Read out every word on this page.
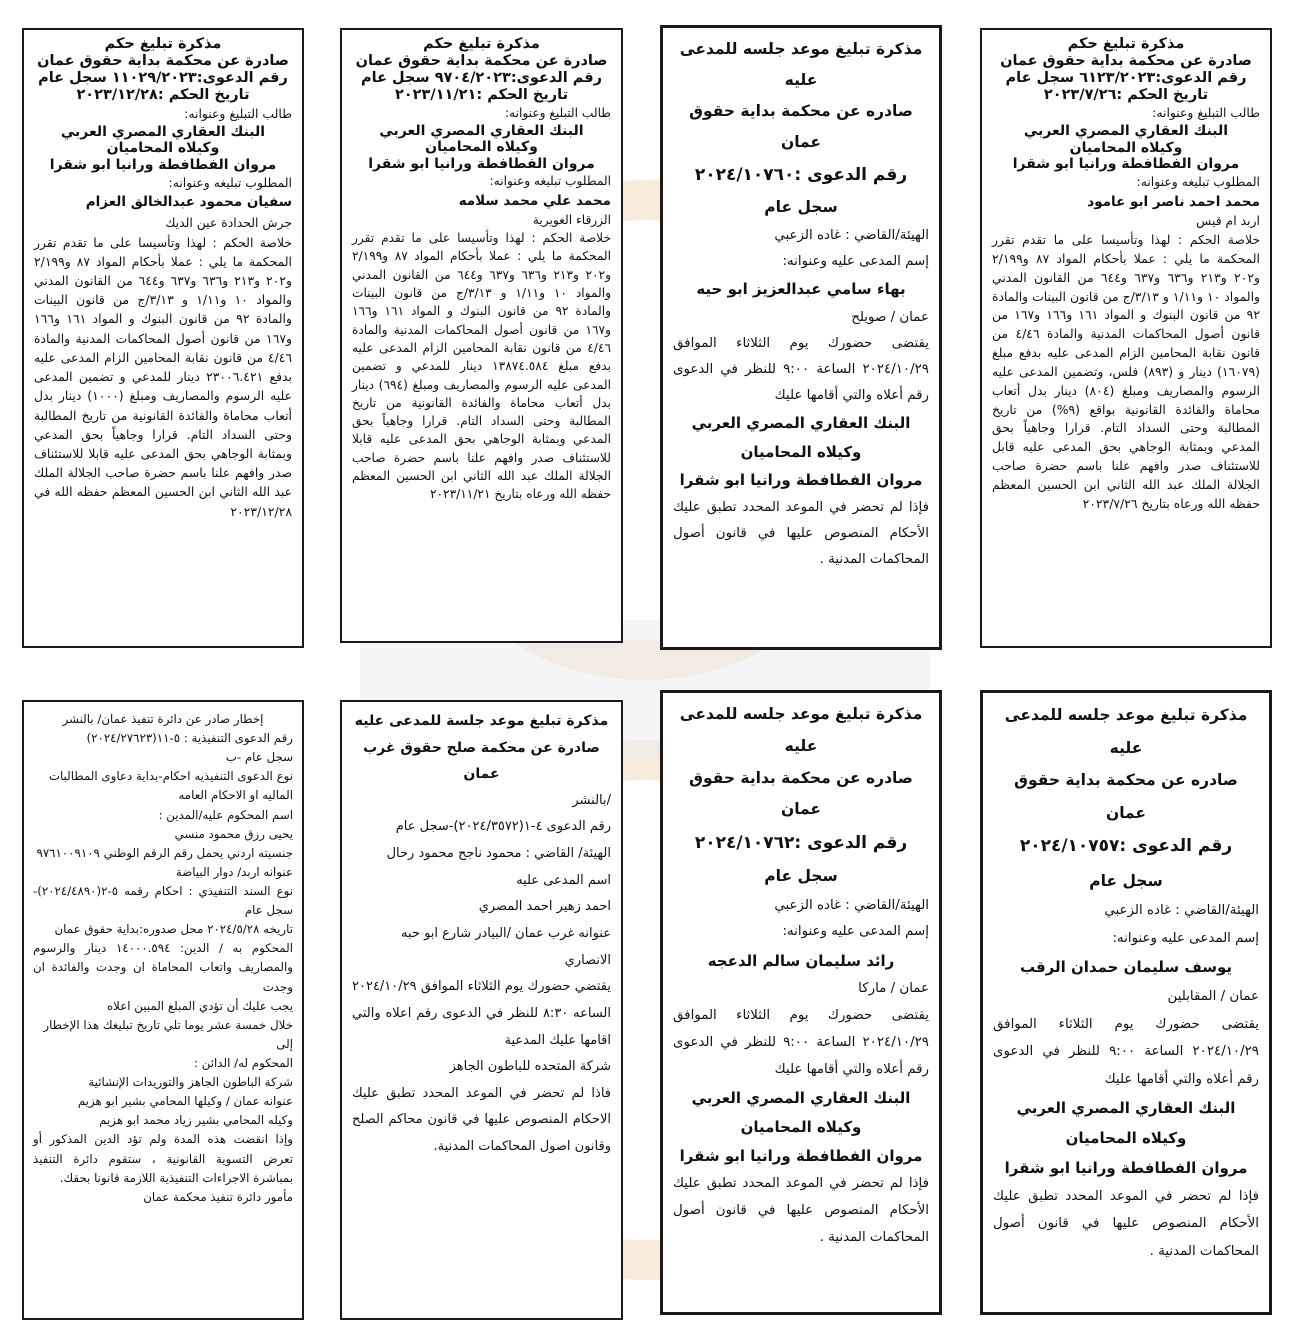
مذكرة تبليغ حكم
صادرة عن محكمة بداية حقوق عمان
رقم الدعوى:٦١٢٣/٢٠٢٣ سجل عام
تاريخ الحكم :٢٠٢٣/٧/٢٦
طالب التبليغ وعنوانه:
البنك العقاري المصري العربي
وكيلاه المحاميان
مروان الفطافطة ورانيا ابو شقرا
المطلوب تبليغه وعنوانه:
محمد احمد ناصر ابو عامود
اربد ام قيس
خلاصة الحكم : لهذا وتأسيسا على ما تقدم تقرر المحكمة ما يلي : عملا بأحكام المواد ٨٧ و٢/١٩٩ و٢٠٢ و٢١٣ و٦٣٦ و٦٣٧ و٦٤٤ من القانون المدني والمواد ١٠ و١/١١ و ٣/١٣/ج من قانون البينات والمادة ٩٢ من قانون البنوك و المواد ١٦١ و١٦٦ و١٦٧ من قانون أصول المحاكمات المدنية والمادة ٤/٤٦ من قانون نقابة المحامين الزام المدعى عليه بدفع مبلغ (١٦٠٧٩) دينار و (٨٩٣) فلس، وتضمين المدعى عليه الرسوم والمصاريف ومبلغ (٨٠٤) دينار بدل أتعاب محاماة والفائدة القانونية بواقع (٩%) من تاريخ المطالبة وحتى السداد التام. قرارا وجاهياً بحق المدعي وبمثابة الوجاهي بحق المدعى عليه قابل للاستئناف صدر وافهم علنا باسم حضرة صاحب الجلالة الملك عبد الله الثاني ابن الحسين المعظم حفظه الله ورعاه بتاريخ ٢٠٢٣/٧/٢٦
مذكرة تبليغ موعد جلسه للمدعى عليه
صادره عن محكمة بداية حقوق عمان
رقم الدعوى :٢٠٢٤/١٠٧٦٠
سجل عام
الهيئة/القاضي : غاده الزعبي
إسم المدعى عليه وعنوانه:
بهاء سامي عبدالعزيز ابو حيه
عمان / صويلح
يقتضى حضورك يوم الثلاثاء الموافق ٢٠٢٤/١٠/٢٩ الساعة ٩:٠٠ للنظر في الدعوى رقم أعلاه والتي أقامها عليك
البنك العقاري المصري العربي
وكيلاه المحاميان
مروان الفطافطة ورانيا ابو شقرا
فإذا لم تحضر في الموعد المحدد تطبق عليك الأحكام المنصوص عليها في قانون أصول المحاكمات المدنية .
مذكرة تبليغ حكم
صادرة عن محكمة بداية حقوق عمان
رقم الدعوى:٩٧٠٤/٢٠٢٣ سجل عام
تاريخ الحكم :٢٠٢٣/١١/٢١
طالب التبليغ وعنوانه:
البنك العقاري المصري العربي
وكيلاه المحاميان
مروان الفطافطة ورانيا ابو شقرا
المطلوب تبليغه وعنوانه:
محمد علي محمد سلامه
الزرقاء الغويرية
خلاصة الحكم : لهذا وتأسيسا على ما تقدم تقرر المحكمة ما يلي : عملا بأحكام المواد ٨٧ و٢/١٩٩ و٢٠٢ و٢١٣ و٦٣٦ و٦٣٧ و٦٤٤ من القانون المدني والمواد ١٠ و١/١١ و ٣/١٣/ج من قانون البينات والمادة ٩٢ من قانون البنوك و المواد ١٦١ و١٦٦ و١٦٧ من قانون أصول المحاكمات المدنية والمادة ٤/٤٦ من قانون نقابة المحامين الزام المدعى عليه بدفع مبلغ ١٣٨٧٤.٥٨٤ دينار للمدعي و تضمين المدعى عليه الرسوم والمصاريف ومبلغ (٦٩٤) دينار بدل أتعاب محاماة والفائدة القانونية من تاريخ المطالبة وحتى السداد التام. قرارا وجاهياً بحق المدعي وبمثابة الوجاهي بحق المدعى عليه قابلا للاستئناف صدر وافهم علنا باسم حضرة صاحب الجلالة الملك عبد الله الثاني ابن الحسين المعظم حفظه الله ورعاه بتاريخ ٢٠٢٣/١١/٢١
مذكرة تبليغ حكم
صادرة عن محكمة بداية حقوق عمان
رقم الدعوى:١١٠٢٩/٢٠٢٣ سجل عام
تاريخ الحكم :٢٠٢٣/١٢/٢٨
طالب التبليغ وعنوانه:
البنك العقاري المصري العربي
وكيلاه المحاميان
مروان الفطافطة ورانيا ابو شقرا
المطلوب تبليغه وعنوانه:
سفيان محمود عبدالخالق العزام
جرش الحدادة عين الديك
خلاصة الحكم : لهذا وتأسيسا على ما تقدم تقرر المحكمة ما يلي : عملا بأحكام المواد ٨٧ و٢/١٩٩ و٢٠٢ و٢١٣ و٦٣٦ و٦٣٧ و٦٤٤ من القانون المدني والمواد ١٠ و١/١١ و ٣/١٣/ج من قانون البينات والمادة ٩٢ من قانون البنوك و المواد ١٦١ و١٦٦ و١٦٧ من قانون أصول المحاكمات المدنية والمادة ٤/٤٦ من قانون نقابة المحامين الزام المدعى عليه بدفع ٢٣٠٠٦.٤٢١ دينار للمدعي و تضمين المدعى عليه الرسوم والمصاريف ومبلغ (١٠٠٠) دينار بدل أتعاب محاماة والفائدة القانونية من تاريخ المطالبة وحتى السداد التام. قرارا وجاهياً بحق المدعي وبمثابة الوجاهي بحق المدعى عليه قابلا للاستئناف صدر وافهم علنا باسم حضرة صاحب الجلالة الملك عبد الله الثاني ابن الحسين المعظم حفظه الله في ٢٠٢٣/١٢/٢٨
مذكرة تبليغ موعد جلسه للمدعى عليه
صادره عن محكمة بداية حقوق عمان
رقم الدعوى :٢٠٢٤/١٠٧٥٧
سجل عام
الهيئة/القاضي : غاده الزعبي
إسم المدعى عليه وعنوانه:
يوسف سليمان حمدان الرقب
عمان / المقابلين
يقتضى حضورك يوم الثلاثاء الموافق ٢٠٢٤/١٠/٢٩ الساعة ٩:٠٠ للنظر في الدعوى رقم أعلاه والتي أقامها عليك
البنك العقاري المصري العربي
وكيلاه المحاميان
مروان الفطافطة ورانيا ابو شقرا
فإذا لم تحضر في الموعد المحدد تطبق عليك الأحكام المنصوص عليها في قانون أصول المحاكمات المدنية .
مذكرة تبليغ موعد جلسه للمدعى عليه
صادره عن محكمة بداية حقوق عمان
رقم الدعوى :٢٠٢٤/١٠٧٦٢
سجل عام
الهيئة/القاضي : غاده الزعبي
إسم المدعى عليه وعنوانه:
رائد سليمان سالم الدعجه
عمان / ماركا
يقتضى حضورك يوم الثلاثاء الموافق ٢٠٢٤/١٠/٢٩ الساعة ٩:٠٠ للنظر في الدعوى رقم أعلاه والتي أقامها عليك
البنك العقاري المصري العربي
وكيلاه المحاميان
مروان الفطافطة ورانيا ابو شقرا
فإذا لم تحضر في الموعد المحدد تطبق عليك الأحكام المنصوص عليها في قانون أصول المحاكمات المدنية .
مذكرة تبليغ موعد جلسة للمدعى عليه
صادرة عن محكمة صلح حقوق غرب عمان
/بالنشر
رقم الدعوى ٤-١(٢٠٢٤/٣٥٧٢)-سجل عام
الهيئة/ القاضي : محمود ناجح محمود رحال
اسم المدعى عليه
احمد زهير احمد المصري
عنوانه غرب عمان /البيادر شارع ابو حبه الانصاري
يقتضي حضورك يوم الثلاثاء الموافق ٢٠٢٤/١٠/٢٩ الساعه ٨:٣٠ للنظر في الدعوى رقم اعلاه والتي اقامها عليك المدعية
شركة المتحده للباطون الجاهز
فاذا لم تحضر في الموعد المحدد تطبق عليك الاحكام المنصوص عليها في قانون محاكم الصلح وقانون اصول المحاكمات المدنية.
إخطار صادر عن دائرة تنفيذ عمان/ بالنشر
رقم الدعوى التنفيذية : ٥-١١(٢٠٢٤/٢٧٦٢٣)
سجل عام -ب
نوع الدعوى التنفيذيه احكام-بداية دعاوى المطالبات الماليه او الاحكام العامه
اسم المحكوم عليه/المدين :
يحيى رزق محمود منسي
جنسيته اردني يحمل رقم الرقم الوطني ٩٧٦١٠٠٩١٠٩
عنوانه اربد/ دوار البياضة
نوع السند التنفيذي : احكام رقمه ٥-٢(٢٠٢٤/٤٨٩٠)-سجل عام
تاريخه ٢٠٢٤/٥/٢٨ محل صدوره:بداية حقوق عمان
المحكوم به / الدين: ١٤٠٠٠.٥٩٤ دينار والرسوم والمصاريف واتعاب المحاماة ان وجدت والفائدة ان وجدت
يجب عليك أن تؤدي المبلغ المبين اعلاه
خلال خمسة عشر يوما تلي تاريخ تبليغك هذا الإخطار إلى
المحكوم له/ الدائن :
شركة الباطون الجاهز والتوريدات الإنشائية
عنوانه عمان / وكيلها المحامي بشير ابو هزيم
وكيله المحامي بشير زياد محمد ابو هزيم
وإذا انقضت هذه المدة ولم تؤد الدين المذكور أو تعرض التسوية القانونية ، ستقوم دائرة التنفيذ بمباشرة الاجراءات التنفيذية اللازمة قانونا بحقك.
مأمور دائرة تنفيذ محكمة عمان
